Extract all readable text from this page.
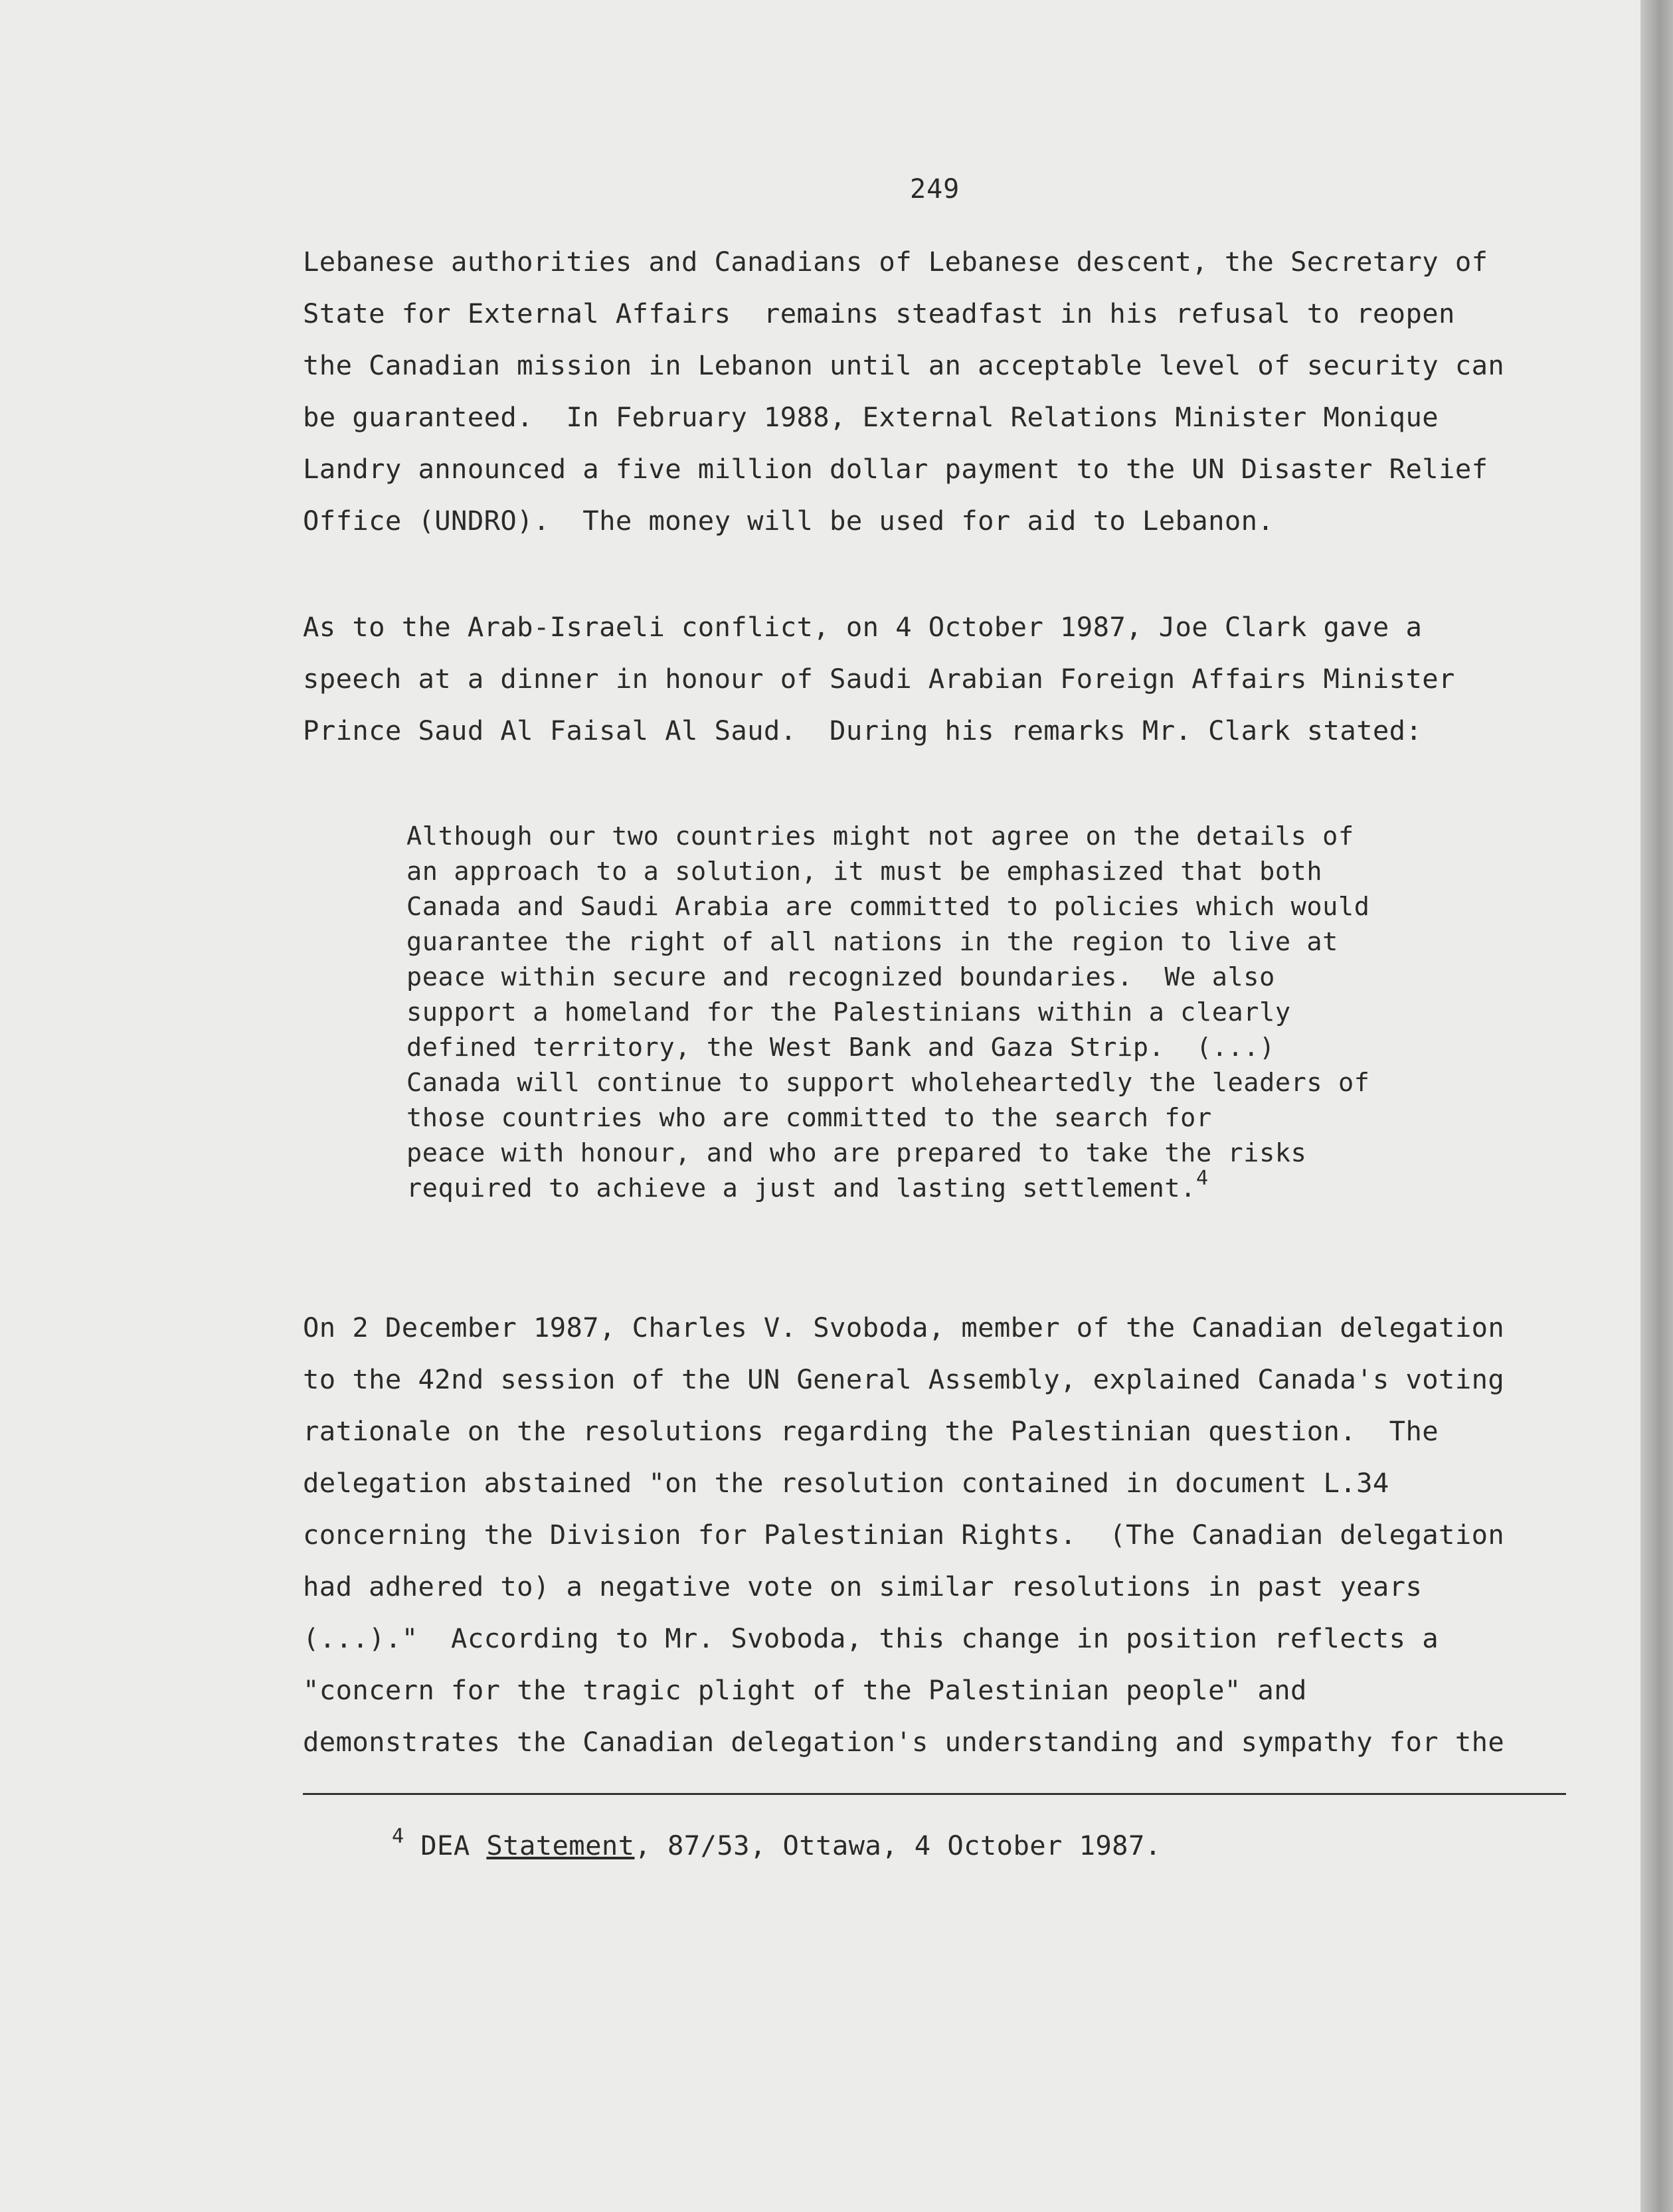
249
Lebanese authorities and Canadians of Lebanese descent, the Secretary of
State for External Affairs  remains steadfast in his refusal to reopen
the Canadian mission in Lebanon until an acceptable level of security can
be guaranteed.  In February 1988, External Relations Minister Monique
Landry announced a five million dollar payment to the UN Disaster Relief
Office (UNDRO).  The money will be used for aid to Lebanon.
As to the Arab-Israeli conflict, on 4 October 1987, Joe Clark gave a
speech at a dinner in honour of Saudi Arabian Foreign Affairs Minister
Prince Saud Al Faisal Al Saud.  During his remarks Mr. Clark stated:
Although our two countries might not agree on the details of
an approach to a solution, it must be emphasized that both
Canada and Saudi Arabia are committed to policies which would
guarantee the right of all nations in the region to live at
peace within secure and recognized boundaries.  We also
support a homeland for the Palestinians within a clearly
defined territory, the West Bank and Gaza Strip.  (...)
Canada will continue to support wholeheartedly the leaders of
those countries who are committed to the search for
peace with honour, and who are prepared to take the risks
required to achieve a just and lasting settlement.$^4$
On 2 December 1987, Charles V. Svoboda, member of the Canadian delegation
to the 42nd session of the UN General Assembly, explained Canada's voting
rationale on the resolutions regarding the Palestinian question.  The
delegation abstained "on the resolution contained in document L.34
concerning the Division for Palestinian Rights.  (The Canadian delegation
had adhered to) a negative vote on similar resolutions in past years
(...)."  According to Mr. Svoboda, this change in position reflects a
"concern for the tragic plight of the Palestinian people" and
demonstrates the Canadian delegation's understanding and sympathy for the
$^4$ DEA Statement, 87/53, Ottawa, 4 October 1987.
